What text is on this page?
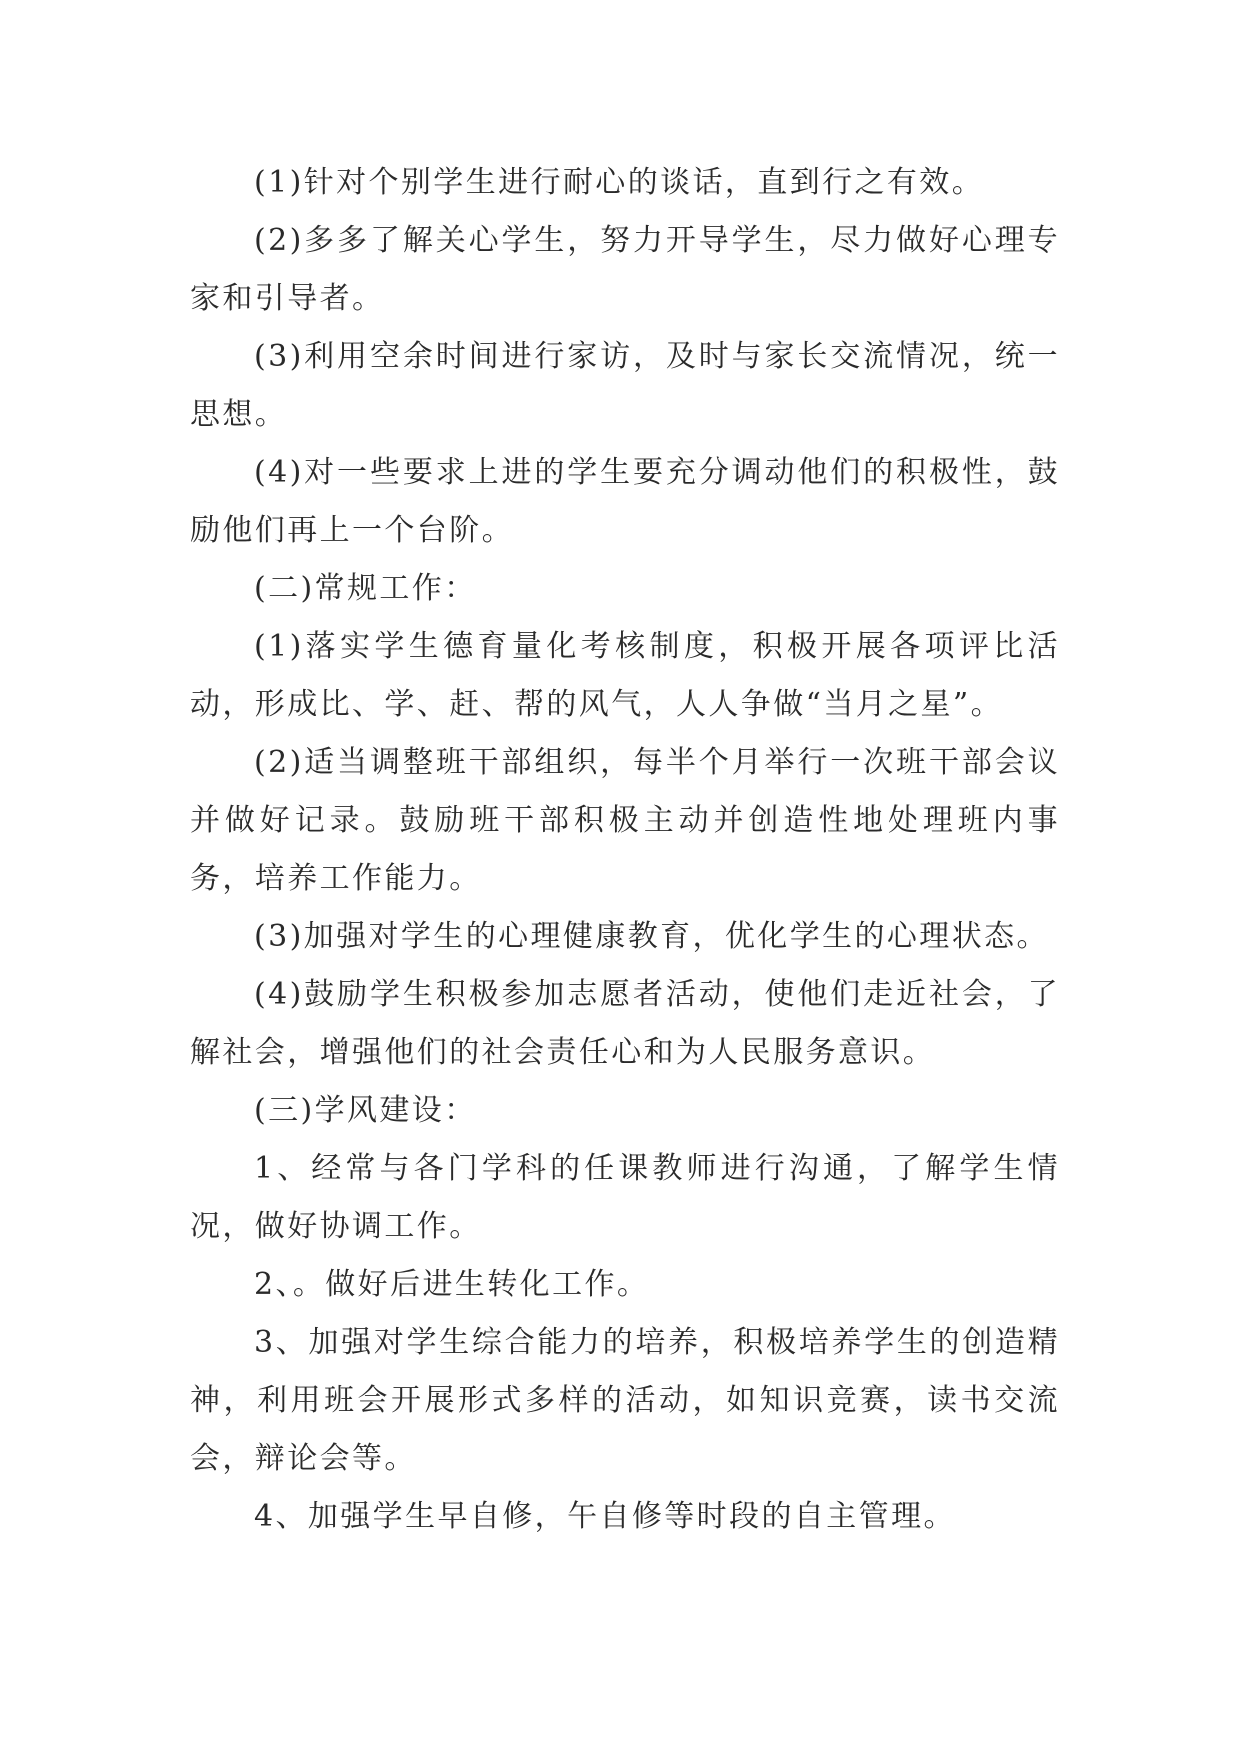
(1)针对个别学生进行耐心的谈话，直到行之有效。

(2)多多了解关心学生，努力开导学生，尽力做好心理专家和引导者。

(3)利用空余时间进行家访，及时与家长交流情况，统一思想。

(4)对一些要求上进的学生要充分调动他们的积极性，鼓励他们再上一个台阶。

(二)常规工作：

(1)落实学生德育量化考核制度，积极开展各项评比活动，形成比、学、赶、帮的风气，人人争做“当月之星”。

(2)适当调整班干部组织，每半个月举行一次班干部会议并做好记录。鼓励班干部积极主动并创造性地处理班内事务，培养工作能力。

(3)加强对学生的心理健康教育，优化学生的心理状态。

(4)鼓励学生积极参加志愿者活动，使他们走近社会，了解社会，增强他们的社会责任心和为人民服务意识。

(三)学风建设：

1、经常与各门学科的任课教师进行沟通，了解学生情况，做好协调工作。

2、。做好后进生转化工作。

3、加强对学生综合能力的培养，积极培养学生的创造精神，利用班会开展形式多样的活动，如知识竞赛，读书交流会，辩论会等。

4、加强学生早自修，午自修等时段的自主管理。
